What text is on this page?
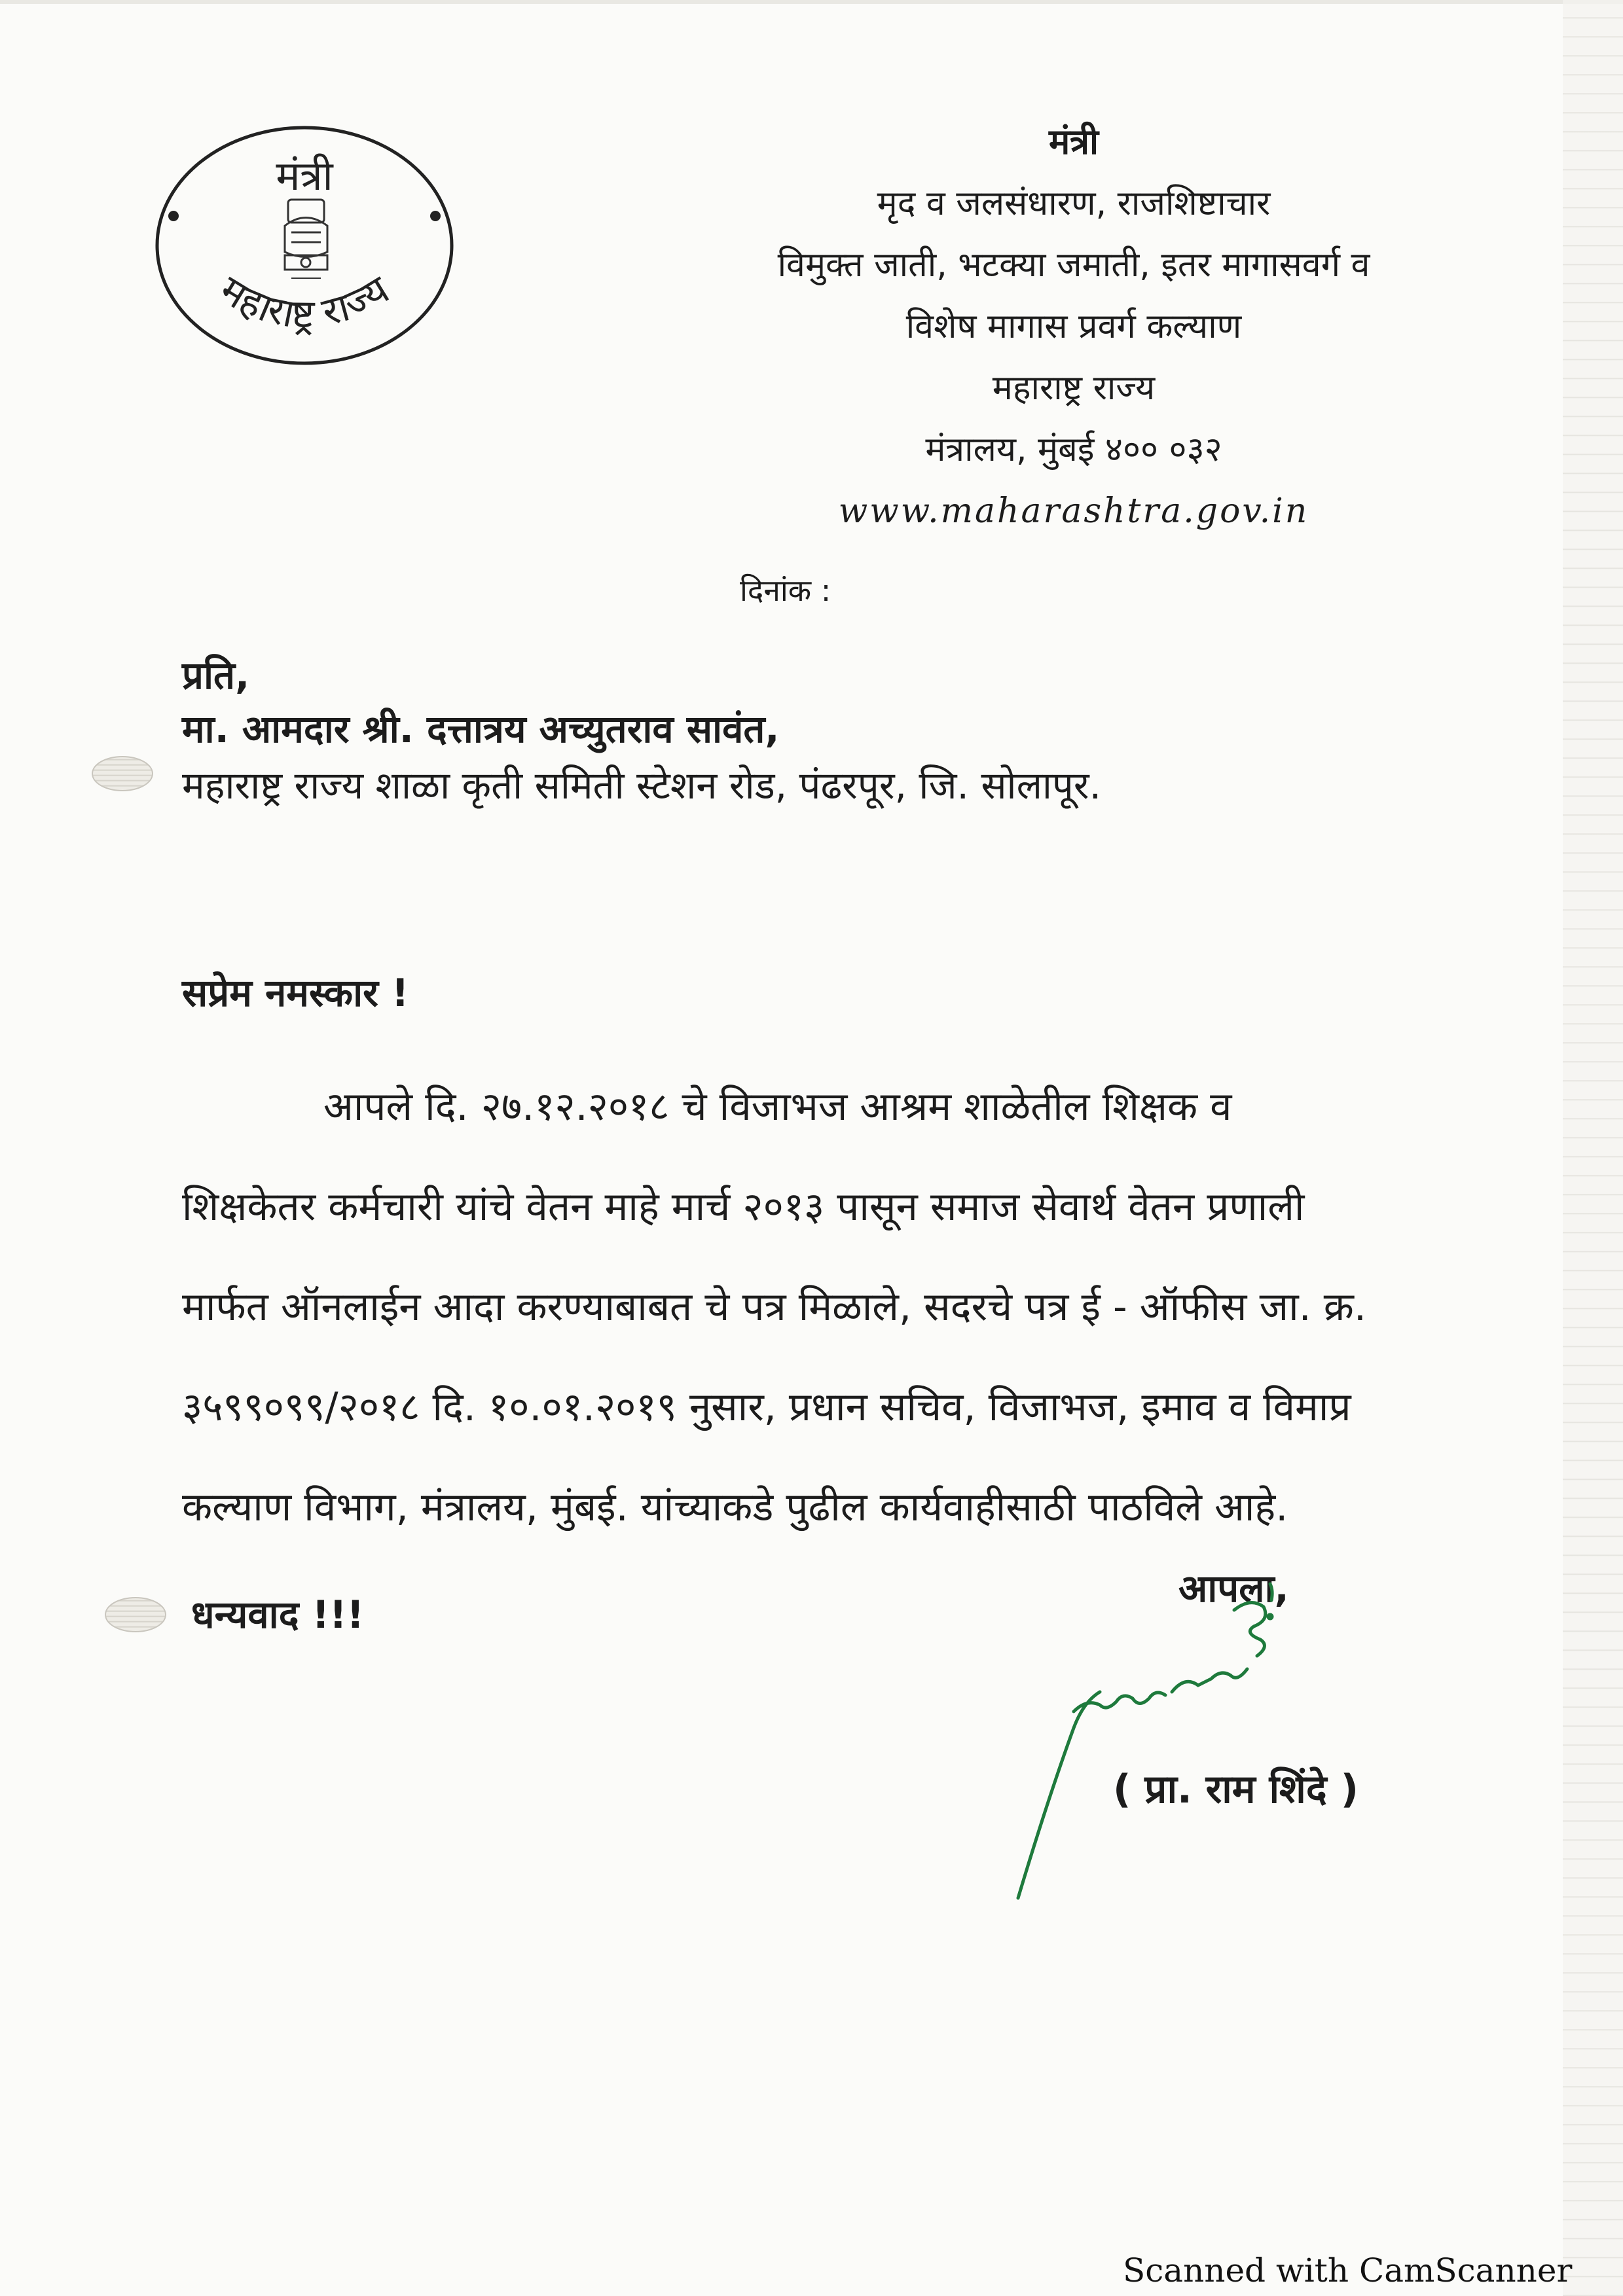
मंत्री
महाराष्ट्र राज्य
मंत्री
मृद व जलसंधारण, राजशिष्टाचार
विमुक्त जाती, भटक्या जमाती, इतर मागासवर्ग व
विशेष मागास प्रवर्ग कल्याण
महाराष्ट्र राज्य
मंत्रालय, मुंबई ४०० ०३२
www.maharashtra.gov.in
दिनांक :
प्रति,
मा. आमदार श्री. दत्तात्रय अच्युतराव सावंत,
महाराष्ट्र राज्य शाळा कृती समिती स्टेशन रोड, पंढरपूर, जि. सोलापूर.
सप्रेम नमस्कार !
आपले दि. २७.१२.२०१८ चे विजाभज आश्रम शाळेतील शिक्षक व
शिक्षकेतर कर्मचारी यांचे वेतन माहे मार्च २०१३ पासून समाज सेवार्थ वेतन प्रणाली
मार्फत ऑनलाईन आदा करण्याबाबत चे पत्र मिळाले, सदरचे पत्र ई - ऑफीस जा. क्र.
३५९९०९९/२०१८ दि. १०.०१.२०१९ नुसार, प्रधान सचिव, विजाभज, इमाव व विमाप्र
कल्याण विभाग, मंत्रालय, मुंबई. यांच्याकडे पुढील कार्यवाहीसाठी पाठविले आहे.
धन्यवाद !!!
आपला,
( प्रा. राम शिंदे )
Scanned with CamScanner
